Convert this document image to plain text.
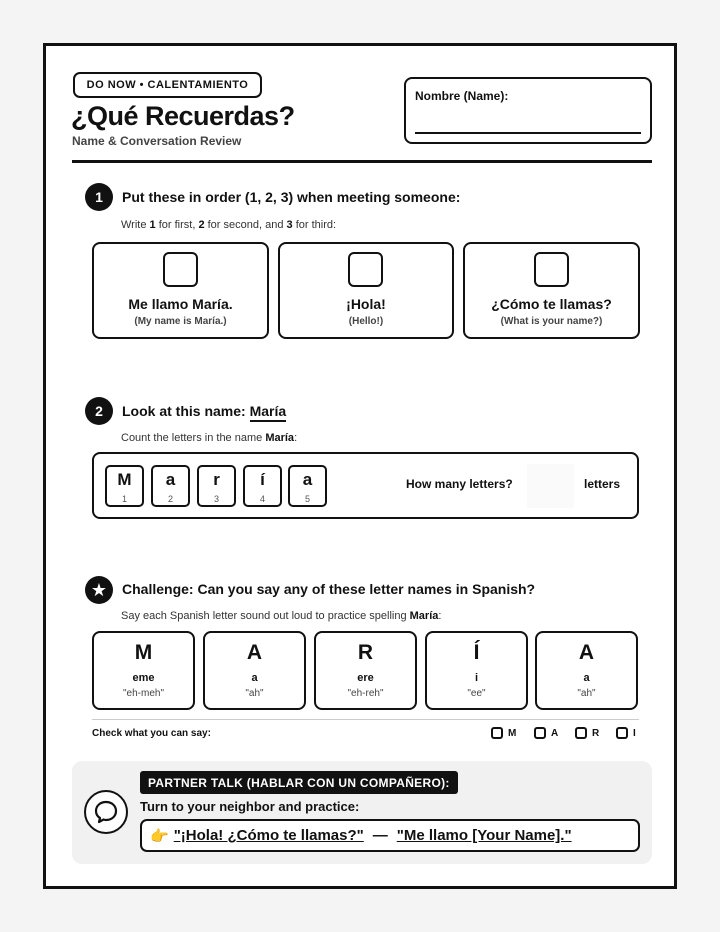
DO NOW • CALENTAMIENTO
¿Qué Recuerdas?
Name & Conversation Review
Nombre (Name):
1	Put these in order (1, 2, 3) when meeting someone:
Write 1 for first, 2 for second, and 3 for third:
Me llamo María.
(My name is María.)
¡Hola!
(Hello!)
¿Cómo te llamas?
(What is your name?)
2	Look at this name: María
Count the letters in the name María:
M
1
a
2
r
3
í
4
a
5
How many letters?	letters
★	Challenge: Can you say any of these letter names in Spanish?
Say each Spanish letter sound out loud to practice spelling María:
M
eme
"eh-meh"
A
a
"ah"
R
ere
"eh-reh"
Í
i
"ee"
A
a
"ah"
Check what you can say:	M	A	R	I
PARTNER TALK (HABLAR CON UN COMPAÑERO):
Turn to your neighbor and practice:
👉 "¡Hola! ¿Cómo te llamas?" — "Me llamo [Your Name]."
